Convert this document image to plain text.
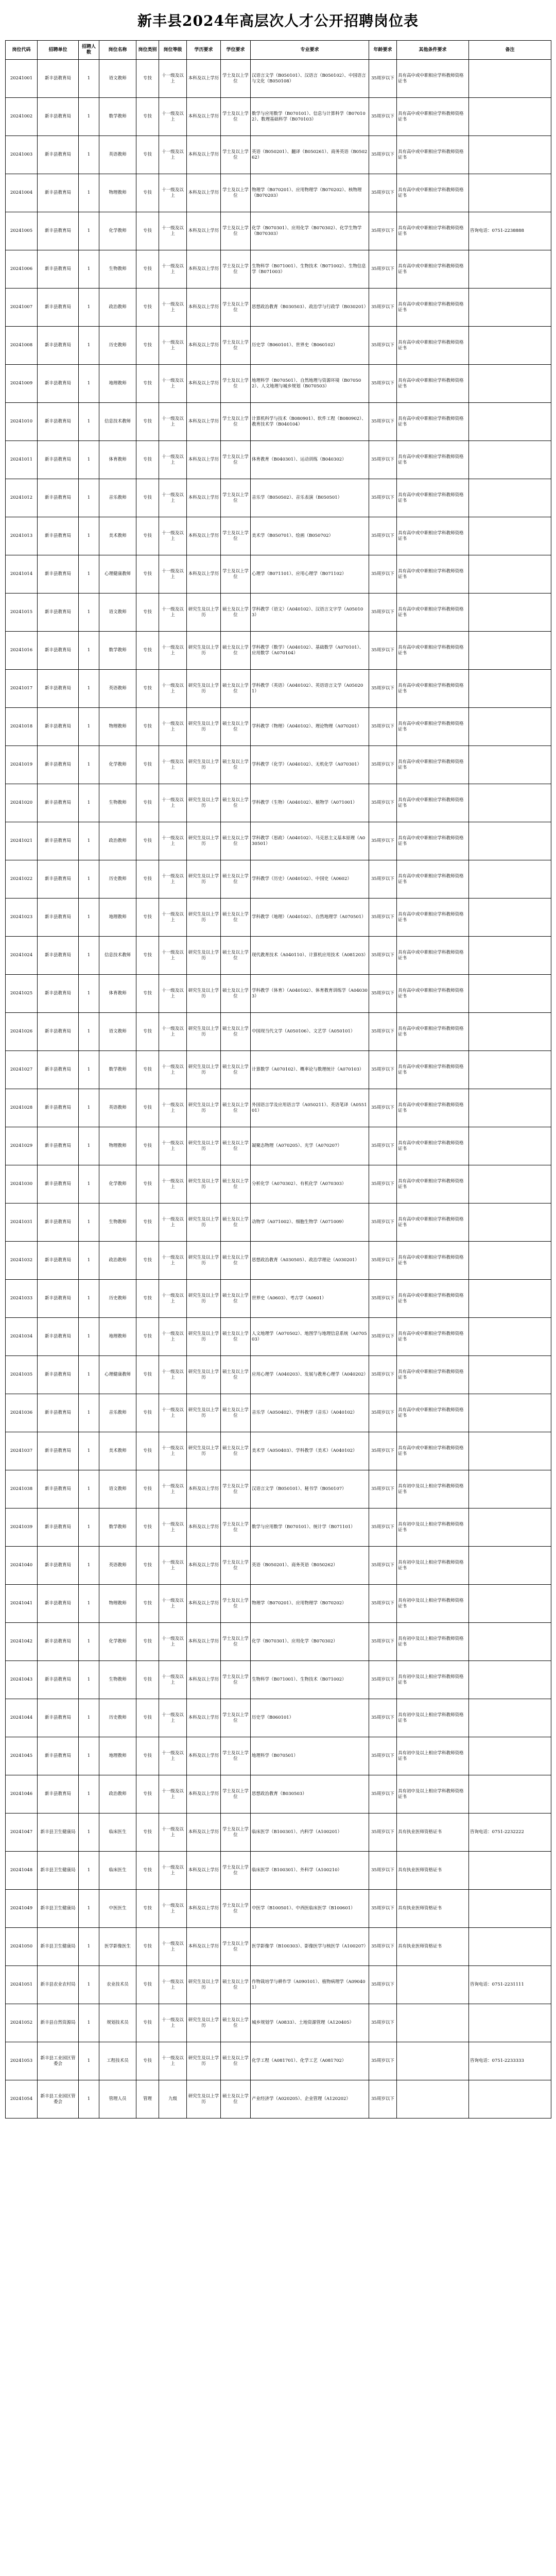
新丰县2024年高层次人才公开招聘岗位表
岗位代码	招聘单位	招聘人数	岗位名称	岗位类别	岗位等级	学历要求	学位要求	专业要求	年龄要求	其他条件要求	备注
20241001	新丰县教育局	1	语文教师	专技	十一级及以上	本科及以上学历	学士及以上学位	汉语言文学（B050101）、汉语言（B050102）、中国语言与文化（B050108）	35周岁以下	具有高中或中职相应学科教师资格证书	
20241002	新丰县教育局	1	数学教师	专技	十一级及以上	本科及以上学历	学士及以上学位	数学与应用数学（B070101）、信息与计算科学（B070102）、数理基础科学（B070103）	35周岁以下	具有高中或中职相应学科教师资格证书	
20241003	新丰县教育局	1	英语教师	专技	十一级及以上	本科及以上学历	学士及以上学位	英语（B050201）、翻译（B050261）、商务英语（B050262）	35周岁以下	具有高中或中职相应学科教师资格证书	
20241004	新丰县教育局	1	物理教师	专技	十一级及以上	本科及以上学历	学士及以上学位	物理学（B070201）、应用物理学（B070202）、核物理（B070203）	35周岁以下	具有高中或中职相应学科教师资格证书	
20241005	新丰县教育局	1	化学教师	专技	十一级及以上	本科及以上学历	学士及以上学位	化学（B070301）、应用化学（B070302）、化学生物学（B070303）	35周岁以下	具有高中或中职相应学科教师资格证书	咨询电话：0751-2238888
20241006	新丰县教育局	1	生物教师	专技	十一级及以上	本科及以上学历	学士及以上学位	生物科学（B071001）、生物技术（B071002）、生物信息学（B071003）	35周岁以下	具有高中或中职相应学科教师资格证书	
20241007	新丰县教育局	1	政治教师	专技	十一级及以上	本科及以上学历	学士及以上学位	思想政治教育（B030503）、政治学与行政学（B030201）	35周岁以下	具有高中或中职相应学科教师资格证书	
20241008	新丰县教育局	1	历史教师	专技	十一级及以上	本科及以上学历	学士及以上学位	历史学（B060101）、世界史（B060102）	35周岁以下	具有高中或中职相应学科教师资格证书	
20241009	新丰县教育局	1	地理教师	专技	十一级及以上	本科及以上学历	学士及以上学位	地理科学（B070501）、自然地理与资源环境（B070502）、人文地理与城乡规划（B070503）	35周岁以下	具有高中或中职相应学科教师资格证书	
20241010	新丰县教育局	1	信息技术教师	专技	十一级及以上	本科及以上学历	学士及以上学位	计算机科学与技术（B080901）、软件工程（B080902）、教育技术学（B040104）	35周岁以下	具有高中或中职相应学科教师资格证书	
20241011	新丰县教育局	1	体育教师	专技	十一级及以上	本科及以上学历	学士及以上学位	体育教育（B040301）、运动训练（B040302）	35周岁以下	具有高中或中职相应学科教师资格证书	
20241012	新丰县教育局	1	音乐教师	专技	十一级及以上	本科及以上学历	学士及以上学位	音乐学（B050502）、音乐表演（B050501）	35周岁以下	具有高中或中职相应学科教师资格证书	
20241013	新丰县教育局	1	美术教师	专技	十一级及以上	本科及以上学历	学士及以上学位	美术学（B050701）、绘画（B050702）	35周岁以下	具有高中或中职相应学科教师资格证书	
20241014	新丰县教育局	1	心理健康教师	专技	十一级及以上	本科及以上学历	学士及以上学位	心理学（B071101）、应用心理学（B071102）	35周岁以下	具有高中或中职相应学科教师资格证书	
20241015	新丰县教育局	1	语文教师	专技	十一级及以上	研究生及以上学历	硕士及以上学位	学科教学（语文）（A040102）、汉语言文字学（A050103）	35周岁以下	具有高中或中职相应学科教师资格证书	
20241016	新丰县教育局	1	数学教师	专技	十一级及以上	研究生及以上学历	硕士及以上学位	学科教学（数学）（A040102）、基础数学（A070101）、应用数学（A070104）	35周岁以下	具有高中或中职相应学科教师资格证书	
20241017	新丰县教育局	1	英语教师	专技	十一级及以上	研究生及以上学历	硕士及以上学位	学科教学（英语）（A040102）、英语语言文学（A050201）	35周岁以下	具有高中或中职相应学科教师资格证书	
20241018	新丰县教育局	1	物理教师	专技	十一级及以上	研究生及以上学历	硕士及以上学位	学科教学（物理）（A040102）、理论物理（A070201）	35周岁以下	具有高中或中职相应学科教师资格证书	
20241019	新丰县教育局	1	化学教师	专技	十一级及以上	研究生及以上学历	硕士及以上学位	学科教学（化学）（A040102）、无机化学（A070301）	35周岁以下	具有高中或中职相应学科教师资格证书	
20241020	新丰县教育局	1	生物教师	专技	十一级及以上	研究生及以上学历	硕士及以上学位	学科教学（生物）（A040102）、植物学（A071001）	35周岁以下	具有高中或中职相应学科教师资格证书	
20241021	新丰县教育局	1	政治教师	专技	十一级及以上	研究生及以上学历	硕士及以上学位	学科教学（思政）（A040102）、马克思主义基本原理（A030501）	35周岁以下	具有高中或中职相应学科教师资格证书	
20241022	新丰县教育局	1	历史教师	专技	十一级及以上	研究生及以上学历	硕士及以上学位	学科教学（历史）（A040102）、中国史（A0602）	35周岁以下	具有高中或中职相应学科教师资格证书	
20241023	新丰县教育局	1	地理教师	专技	十一级及以上	研究生及以上学历	硕士及以上学位	学科教学（地理）（A040102）、自然地理学（A070501）	35周岁以下	具有高中或中职相应学科教师资格证书	
20241024	新丰县教育局	1	信息技术教师	专技	十一级及以上	研究生及以上学历	硕士及以上学位	现代教育技术（A040110）、计算机应用技术（A081203）	35周岁以下	具有高中或中职相应学科教师资格证书	
20241025	新丰县教育局	1	体育教师	专技	十一级及以上	研究生及以上学历	硕士及以上学位	学科教学（体育）（A040102）、体育教育训练学（A040303）	35周岁以下	具有高中或中职相应学科教师资格证书	
20241026	新丰县教育局	1	语文教师	专技	十一级及以上	研究生及以上学历	硕士及以上学位	中国现当代文学（A050106）、文艺学（A050101）	35周岁以下	具有高中或中职相应学科教师资格证书	
20241027	新丰县教育局	1	数学教师	专技	十一级及以上	研究生及以上学历	硕士及以上学位	计算数学（A070102）、概率论与数理统计（A070103）	35周岁以下	具有高中或中职相应学科教师资格证书	
20241028	新丰县教育局	1	英语教师	专技	十一级及以上	研究生及以上学历	硕士及以上学位	外国语言学及应用语言学（A050211）、英语笔译（A055101）	35周岁以下	具有高中或中职相应学科教师资格证书	
20241029	新丰县教育局	1	物理教师	专技	十一级及以上	研究生及以上学历	硕士及以上学位	凝聚态物理（A070205）、光学（A070207）	35周岁以下	具有高中或中职相应学科教师资格证书	
20241030	新丰县教育局	1	化学教师	专技	十一级及以上	研究生及以上学历	硕士及以上学位	分析化学（A070302）、有机化学（A070303）	35周岁以下	具有高中或中职相应学科教师资格证书	
20241031	新丰县教育局	1	生物教师	专技	十一级及以上	研究生及以上学历	硕士及以上学位	动物学（A071002）、细胞生物学（A071009）	35周岁以下	具有高中或中职相应学科教师资格证书	
20241032	新丰县教育局	1	政治教师	专技	十一级及以上	研究生及以上学历	硕士及以上学位	思想政治教育（A030505）、政治学理论（A030201）	35周岁以下	具有高中或中职相应学科教师资格证书	
20241033	新丰县教育局	1	历史教师	专技	十一级及以上	研究生及以上学历	硕士及以上学位	世界史（A0603）、考古学（A0601）	35周岁以下	具有高中或中职相应学科教师资格证书	
20241034	新丰县教育局	1	地理教师	专技	十一级及以上	研究生及以上学历	硕士及以上学位	人文地理学（A070502）、地图学与地理信息系统（A070503）	35周岁以下	具有高中或中职相应学科教师资格证书	
20241035	新丰县教育局	1	心理健康教师	专技	十一级及以上	研究生及以上学历	硕士及以上学位	应用心理学（A040203）、发展与教育心理学（A040202）	35周岁以下	具有高中或中职相应学科教师资格证书	
20241036	新丰县教育局	1	音乐教师	专技	十一级及以上	研究生及以上学历	硕士及以上学位	音乐学（A050402）、学科教学（音乐）（A040102）	35周岁以下	具有高中或中职相应学科教师资格证书	
20241037	新丰县教育局	1	美术教师	专技	十一级及以上	研究生及以上学历	硕士及以上学位	美术学（A050403）、学科教学（美术）（A040102）	35周岁以下	具有高中或中职相应学科教师资格证书	
20241038	新丰县教育局	1	语文教师	专技	十一级及以上	本科及以上学历	学士及以上学位	汉语言文学（B050101）、秘书学（B050107）	35周岁以下	具有初中及以上相应学科教师资格证书	
20241039	新丰县教育局	1	数学教师	专技	十一级及以上	本科及以上学历	学士及以上学位	数学与应用数学（B070101）、统计学（B071101）	35周岁以下	具有初中及以上相应学科教师资格证书	
20241040	新丰县教育局	1	英语教师	专技	十一级及以上	本科及以上学历	学士及以上学位	英语（B050201）、商务英语（B050262）	35周岁以下	具有初中及以上相应学科教师资格证书	
20241041	新丰县教育局	1	物理教师	专技	十一级及以上	本科及以上学历	学士及以上学位	物理学（B070201）、应用物理学（B070202）	35周岁以下	具有初中及以上相应学科教师资格证书	
20241042	新丰县教育局	1	化学教师	专技	十一级及以上	本科及以上学历	学士及以上学位	化学（B070301）、应用化学（B070302）	35周岁以下	具有初中及以上相应学科教师资格证书	
20241043	新丰县教育局	1	生物教师	专技	十一级及以上	本科及以上学历	学士及以上学位	生物科学（B071001）、生物技术（B071002）	35周岁以下	具有初中及以上相应学科教师资格证书	
20241044	新丰县教育局	1	历史教师	专技	十一级及以上	本科及以上学历	学士及以上学位	历史学（B060101）	35周岁以下	具有初中及以上相应学科教师资格证书	
20241045	新丰县教育局	1	地理教师	专技	十一级及以上	本科及以上学历	学士及以上学位	地理科学（B070501）	35周岁以下	具有初中及以上相应学科教师资格证书	
20241046	新丰县教育局	1	政治教师	专技	十一级及以上	本科及以上学历	学士及以上学位	思想政治教育（B030503）	35周岁以下	具有初中及以上相应学科教师资格证书	
20241047	新丰县卫生健康局	1	临床医生	专技	十一级及以上	本科及以上学历	学士及以上学位	临床医学（B100301）、内科学（A100201）	35周岁以下	具有执业医师资格证书	咨询电话：0751-2232222
20241048	新丰县卫生健康局	1	临床医生	专技	十一级及以上	本科及以上学历	学士及以上学位	临床医学（B100301）、外科学（A100210）	35周岁以下	具有执业医师资格证书	
20241049	新丰县卫生健康局	1	中医医生	专技	十一级及以上	本科及以上学历	学士及以上学位	中医学（B100501）、中西医临床医学（B100601）	35周岁以下	具有执业医师资格证书	
20241050	新丰县卫生健康局	1	医学影像医生	专技	十一级及以上	本科及以上学历	学士及以上学位	医学影像学（B100303）、影像医学与核医学（A100207）	35周岁以下	具有执业医师资格证书	
20241051	新丰县农业农村局	1	农业技术员	专技	十一级及以上	研究生及以上学历	硕士及以上学位	作物栽培学与耕作学（A090101）、植物病理学（A090401）	35周岁以下		咨询电话：0751-2231111
20241052	新丰县自然资源局	1	规划技术员	专技	十一级及以上	研究生及以上学历	硕士及以上学位	城乡规划学（A0833）、土地资源管理（A120405）	35周岁以下		
20241053	新丰县工业园区管委会	1	工程技术员	专技	十一级及以上	研究生及以上学历	硕士及以上学位	化学工程（A081701）、化学工艺（A081702）	35周岁以下		咨询电话：0751-2233333
20241054	新丰县工业园区管委会	1	管理人员	管理	九级	研究生及以上学历	硕士及以上学位	产业经济学（A020205）、企业管理（A120202）	35周岁以下		
